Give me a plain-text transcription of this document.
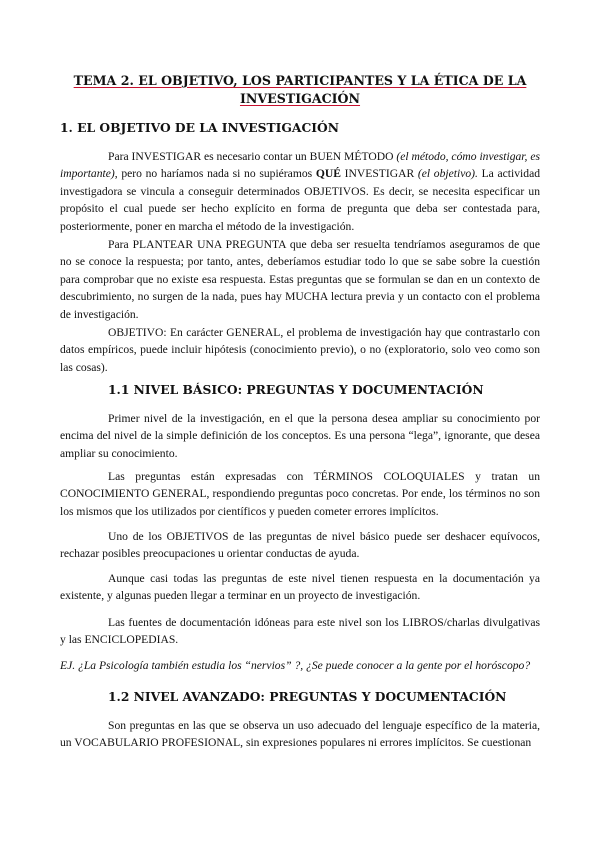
TEMA 2. EL OBJETIVO, LOS PARTICIPANTES Y LA ÉTICA DE LA INVESTIGACIÓN
1. EL OBJETIVO DE LA INVESTIGACIÓN
Para INVESTIGAR es necesario contar un BUEN MÉTODO (el método, cómo investigar, es importante), pero no haríamos nada si no supiéramos QUÉ INVESTIGAR (el objetivo). La actividad investigadora se vincula a conseguir determinados OBJETIVOS. Es decir, se necesita especificar un propósito el cual puede ser hecho explícito en forma de pregunta que deba ser contestada para, posteriormente, poner en marcha el método de la investigación.
Para PLANTEAR UNA PREGUNTA que deba ser resuelta tendríamos aseguramos de que no se conoce la respuesta; por tanto, antes, deberíamos estudiar todo lo que se sabe sobre la cuestión para comprobar que no existe esa respuesta. Estas preguntas que se formulan se dan en un contexto de descubrimiento, no surgen de la nada, pues hay MUCHA lectura previa y un contacto con el problema de investigación.
OBJETIVO: En carácter GENERAL, el problema de investigación hay que contrastarlo con datos empíricos, puede incluir hipótesis (conocimiento previo), o no (exploratorio, solo veo como son las cosas).
1.1 NIVEL BÁSICO: PREGUNTAS Y DOCUMENTACIÓN
Primer nivel de la investigación, en el que la persona desea ampliar su conocimiento por encima del nivel de la simple definición de los conceptos. Es una persona “lega”, ignorante, que desea ampliar su conocimiento.
Las preguntas están expresadas con TÉRMINOS COLOQUIALES y tratan un CONOCIMIENTO GENERAL, respondiendo preguntas poco concretas. Por ende, los términos no son los mismos que los utilizados por científicos y pueden cometer errores implícitos.
Uno de los OBJETIVOS de las preguntas de nivel básico puede ser deshacer equívocos, rechazar posibles preocupaciones u orientar conductas de ayuda.
Aunque casi todas las preguntas de este nivel tienen respuesta en la documentación ya existente, y algunas pueden llegar a terminar en un proyecto de investigación.
Las fuentes de documentación idóneas para este nivel son los LIBROS/charlas divulgativas y las ENCICLOPEDIAS.
EJ. ¿La Psicología también estudia los “nervios” ?, ¿Se puede conocer a la gente por el horóscopo?
1.2 NIVEL AVANZADO: PREGUNTAS Y DOCUMENTACIÓN
Son preguntas en las que se observa un uso adecuado del lenguaje específico de la materia, un VOCABULARIO PROFESIONAL, sin expresiones populares ni errores implícitos. Se cuestionan
